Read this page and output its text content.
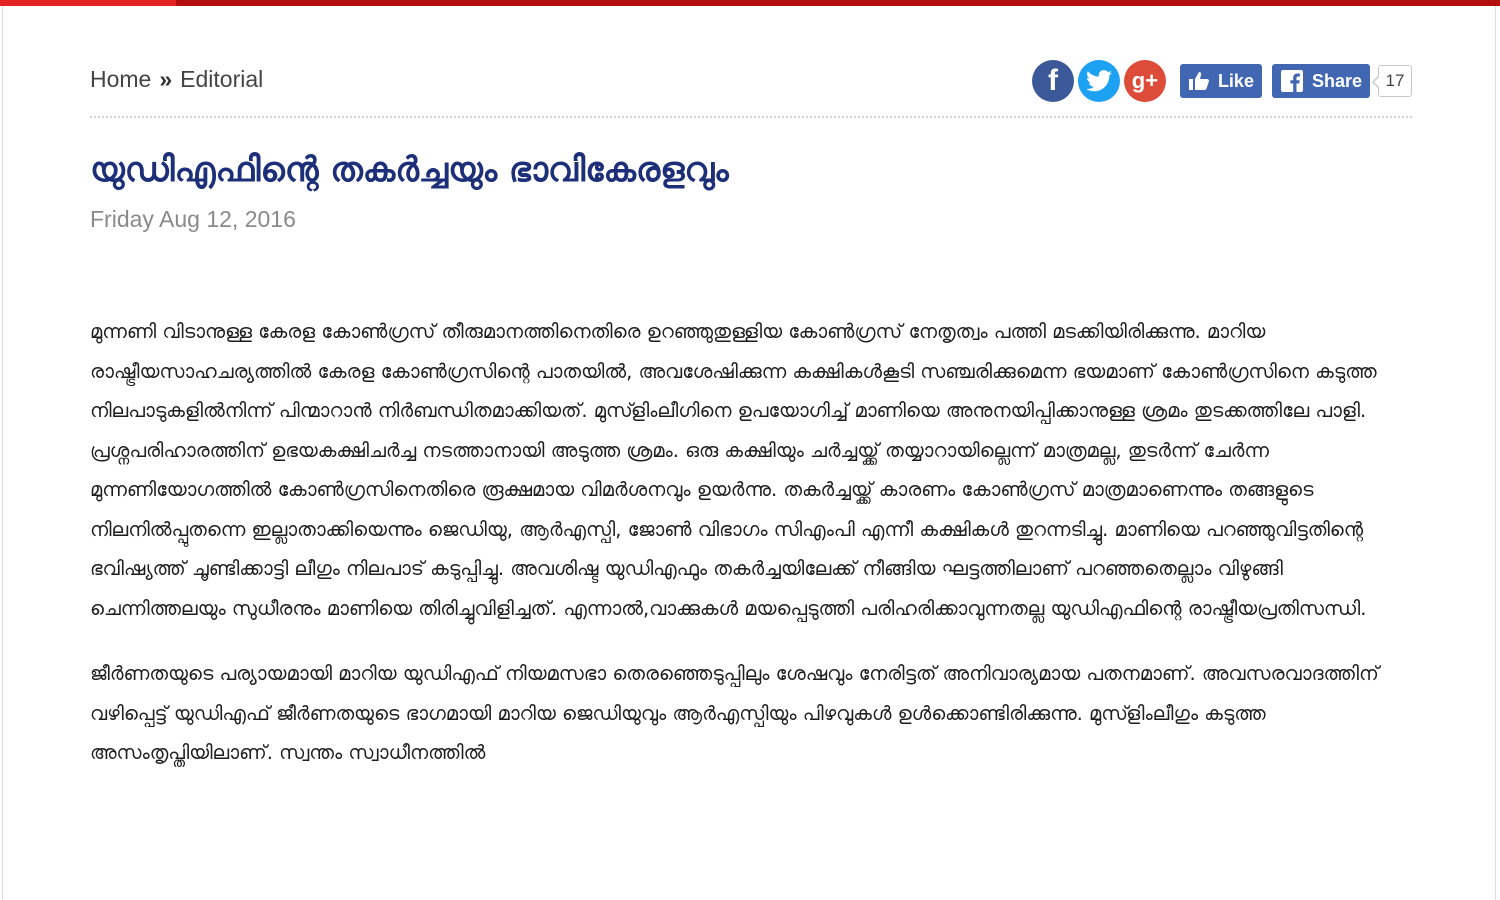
Home » Editorial	f	g+	Like	Share 17
യുഡിഎഫിന്റെ തകര്‍ച്ചയും ഭാവികേരളവും
Friday Aug 12, 2016

മുന്നണി വിടാനുള്ള കേരള കോണ്‍ഗ്രസ് തീരുമാനത്തിനെതിരെ ഉറഞ്ഞുതുള്ളിയ കോണ്‍ഗ്രസ് നേതൃത്വം പത്തി മടക്കിയിരിക്കുന്നു. മാറിയ രാഷ്ട്രീയസാഹചര്യത്തില്‍ കേരള കോണ്‍ഗ്രസിന്റെ പാതയില്‍, അവശേഷിക്കുന്ന കക്ഷികള്‍കൂടി സഞ്ചരിക്കുമെന്ന ഭയമാണ് കോണ്‍ഗ്രസിനെ കടുത്ത നിലപാടുകളില്‍നിന്ന് പിന്മാറാന്‍ നിര്‍ബന്ധിതമാക്കിയത്. മുസ്ളിംലീഗിനെ ഉപയോഗിച്ച് മാണിയെ അനുനയിപ്പിക്കാനുള്ള ശ്രമം തുടക്കത്തിലേ പാളി. പ്രശ്നപരിഹാരത്തിന് ഉഭയകക്ഷിചര്‍ച്ച നടത്താനായി അടുത്ത ശ്രമം. ഒരു കക്ഷിയും ചര്‍ച്ചയ്ക്ക് തയ്യാറായില്ലെന്ന് മാത്രമല്ല, തുടര്‍ന്ന് ചേര്‍ന്ന മുന്നണിയോഗത്തില്‍ കോണ്‍ഗ്രസിനെതിരെ രൂക്ഷമായ വിമര്‍ശനവും ഉയര്‍ന്നു. തകര്‍ച്ചയ്ക്ക് കാരണം കോണ്‍ഗ്രസ് മാത്രമാണെന്നും തങ്ങളുടെ നിലനില്‍പ്പുതന്നെ ഇല്ലാതാക്കിയെന്നും ജെഡിയു, ആര്‍എസ്പി, ജോണ്‍ വിഭാഗം സിഎംപി എന്നീ കക്ഷികള്‍ തുറന്നടിച്ചു. മാണിയെ പറഞ്ഞുവിട്ടതിന്റെ ഭവിഷ്യത്ത് ചൂണ്ടിക്കാട്ടി ലീഗും നിലപാട് കടുപ്പിച്ചു. അവശിഷ്ട യുഡിഎഫും തകര്‍ച്ചയിലേക്ക് നീങ്ങിയ ഘട്ടത്തിലാണ് പറഞ്ഞതെല്ലാം വിഴുങ്ങി ചെന്നിത്തലയും സുധീരനും മാണിയെ തിരിച്ചുവിളിച്ചത്. എന്നാല്‍,വാക്കുകള്‍ മയപ്പെടുത്തി പരിഹരിക്കാവുന്നതല്ല യുഡിഎഫിന്റെ രാഷ്ട്രീയപ്രതിസന്ധി.

ജീര്‍ണതയുടെ പര്യായമായി മാറിയ യുഡിഎഫ് നിയമസഭാ തെരഞ്ഞെടുപ്പിലും ശേഷവും നേരിട്ടത് അനിവാര്യമായ പതനമാണ്. അവസരവാദത്തിന് വഴിപ്പെട്ട് യുഡിഎഫ് ജീര്‍ണതയുടെ ഭാഗമായി മാറിയ ജെഡിയുവും ആര്‍എസ്പിയും പിഴവുകള്‍ ഉള്‍ക്കൊണ്ടിരിക്കുന്നു. മുസ്ളിംലീഗും കടുത്ത അസംതൃപ്തിയിലാണ്. സ്വന്തം സ്വാധീനത്തില്‍
